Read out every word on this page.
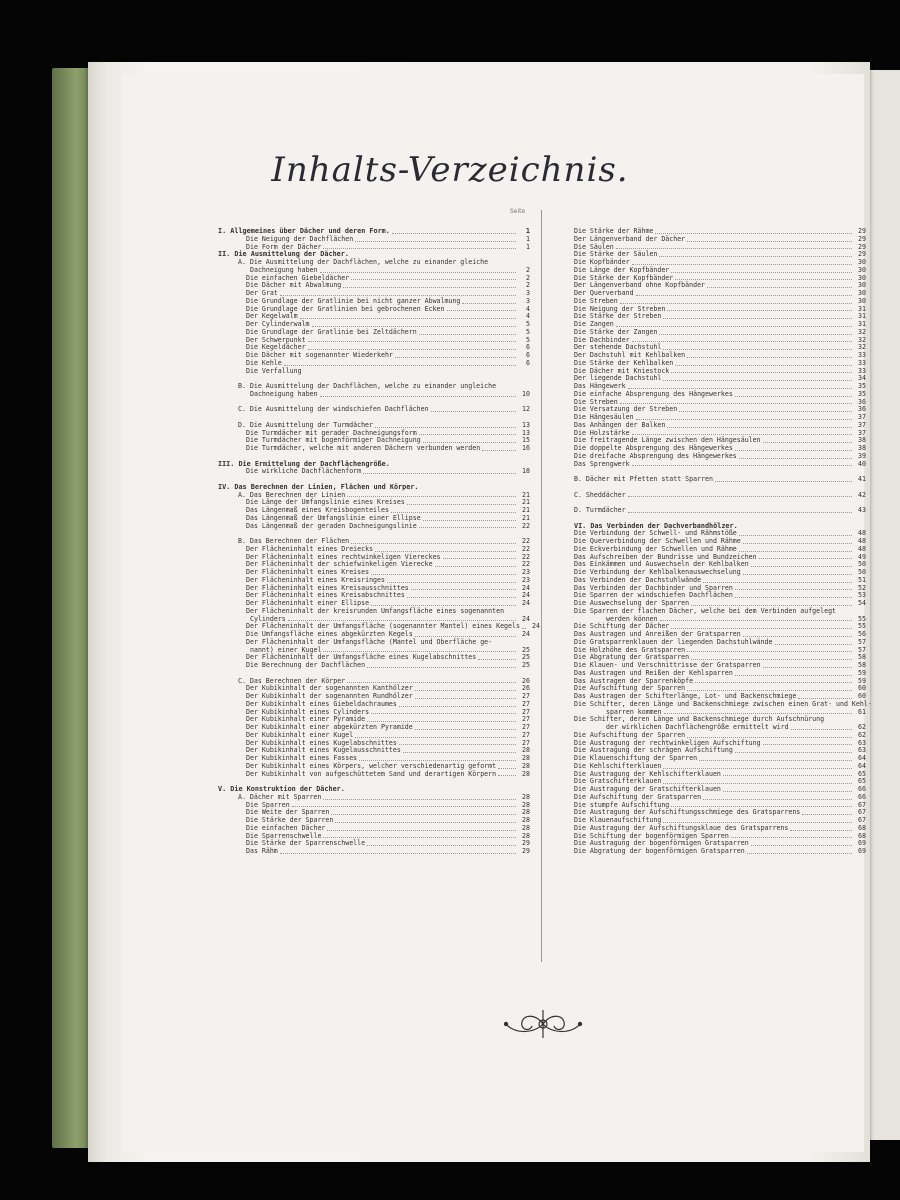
Inhalts-Verzeichnis.
Seite
I. Allgemeines über Dächer und deren Form.	1
Die Neigung der Dachflächen	1
Die Form der Dächer	1
II. Die Ausmittelung der Dächer.
A. Die Ausmittelung der Dachflächen, welche zu einander gleiche
Dachneigung haben	2
Die einfachen Giebeldächer	2
Die Dächer mit Abwalmung	2
Der Grat	3
Die Grundlage der Gratlinie bei nicht ganzer Abwalmung	3
Die Grundlage der Gratlinien bei gebrochenen Ecken	4
Der Kegelwalm	4
Der Cylinderwalm	5
Die Grundlage der Gratlinie bei Zeltdächern	5
Der Schwerpunkt	5
Die Kegeldächer	6
Die Dächer mit sogenannter Wiederkehr	6
Die Kehle	6
Die Verfallung
B. Die Ausmittelung der Dachflächen, welche zu einander ungleiche
Dachneigung haben	10
C. Die Ausmittelung der windschiefen Dachflächen	12
D. Die Ausmittelung der Turmdächer	13
Die Turmdächer mit gerader Dachneigungsform	13
Die Turmdächer mit bogenförmiger Dachneigung	15
Die Turmdächer, welche mit anderen Dächern verbunden werden	16
III. Die Ermittelung der Dachflächengröße.
Die wirkliche Dachflächenform	18
IV. Das Berechnen der Linien, Flächen und Körper.
A. Das Berechnen der Linien	21
Die Länge der Umfangslinie eines Kreises	21
Das Längenmaß eines Kreisbogenteiles	21
Das Längenmaß der Umfangslinie einer Ellipse	21
Das Längenmaß der geraden Dachneigungslinie	22
B. Das Berechnen der Flächen	22
Der Flächeninhalt eines Dreiecks	22
Der Flächeninhalt eines rechtwinkeligen Viereckes	22
Der Flächeninhalt der schiefwinkeligen Vierecke	22
Der Flächeninhalt eines Kreises	23
Der Flächeninhalt eines Kreisringes	23
Der Flächeninhalt eines Kreisausschnittes	24
Der Flächeninhalt eines Kreisabschnittes	24
Der Flächeninhalt einer Ellipse	24
Der Flächeninhalt der kreisrunden Umfangsfläche eines sogenannten
Cylinders	24
Der Flächeninhalt der Umfangsfläche (sogenannter Mantel) eines Kegels	24
Die Umfangsfläche eines abgekürzten Kegels	24
Der Flächeninhalt der Umfangsfläche (Mantel und Oberfläche ge-
nannt) einer Kugel	25
Der Flächeninhalt der Umfangsfläche eines Kugelabschnittes	25
Die Berechnung der Dachflächen	25
C. Das Berechnen der Körper	26
Der Kubikinhalt der sogenannten Kanthölzer	26
Der Kubikinhalt der sogenannten Rundhölzer	27
Der Kubikinhalt eines Giebeldachraumes	27
Der Kubikinhalt eines Cylinders	27
Der Kubikinhalt einer Pyramide	27
Der Kubikinhalt einer abgekürzten Pyramide	27
Der Kubikinhalt einer Kugel	27
Der Kubikinhalt eines Kugelabschnittes	27
Der Kubikinhalt eines Kugelausschnittes	28
Der Kubikinhalt eines Fasses	28
Der Kubikinhalt eines Körpers, welcher verschiedenartig geformt	28
Der Kubikinhalt von aufgeschüttetem Sand und derartigen Körpern	28
V. Die Konstruktion der Dächer.
A. Dächer mit Sparren	28
Die Sparren	28
Die Weite der Sparren	28
Die Stärke der Sparren	28
Die einfachen Dächer	28
Die Sparrenschwelle	28
Die Stärke der Sparrenschwelle	29
Das Rähm	29
Die Stärke der Rähme	29
Der Längenverband der Dächer	29
Die Säulen	29
Die Stärke der Säulen	29
Die Kopfbänder	30
Die Länge der Kopfbänder	30
Die Stärke der Kopfbänder	30
Der Längenverband ohne Kopfbänder	30
Der Querverband	30
Die Streben	30
Die Neigung der Streben	31
Die Stärke der Streben	31
Die Zangen	31
Die Stärke der Zangen	32
Die Dachbinder	32
Der stehende Dachstuhl	32
Der Dachstuhl mit Kehlbalken	33
Die Stärke der Kehlbalken	33
Die Dächer mit Kniestock	33
Der liegende Dachstuhl	34
Das Hängewerk	35
Die einfache Absprengung des Hängewerkes	35
Die Streben	36
Die Versatzung der Streben	36
Die Hängesäulen	37
Das Anhängen der Balken	37
Die Holzstärke	37
Die freitragende Länge zwischen den Hängesäulen	38
Die doppelte Absprengung des Hängewerkes	38
Die dreifache Absprengung des Hängewerkes	39
Das Sprengwerk	40
B. Dächer mit Pfetten statt Sparren	41
C. Sheddächer	42
D. Turmdächer	43
VI. Das Verbinden der Dachverbandhölzer.
Die Verbindung der Schwell- und Rähmstöße	48
Die Querverbindung der Schwellen und Rähme	48
Die Eckverbindung der Schwellen und Rähme	48
Das Aufschreiben der Bundrisse und Bundzeichen	49
Das Einkämmen und Auswechseln der Kehlbalken	50
Die Verbindung der Kehlbalkenauswechselung	50
Das Verbinden der Dachstuhlwände	51
Das Verbinden der Dachbinder und Sparren	52
Die Sparren der windschiefen Dachflächen	53
Die Auswechselung der Sparren	54
Die Sparren der flachen Dächer, welche bei dem Verbinden aufgelegt
werden können	55
Die Schiftung der Dächer	55
Das Austragen und Anreißen der Gratsparren	56
Die Gratsparrenklauen der liegenden Dachstuhlwände	57
Die Holzhöhe des Gratsparren	57
Die Abgratung der Gratsparren	58
Die Klauen- und Verschnittrisse der Gratsparren	58
Das Austragen und Reißen der Kehlsparren	59
Das Austragen der Sparrenköpfe	59
Die Aufschiftung der Sparren	60
Das Austragen der Schifterlänge, Lot- und Backenschmiege	60
Die Schifter, deren Länge und Backenschmiege zwischen einen Grat- und Kehl-
sparren kommen	61
Die Schifter, deren Länge und Backenschmiege durch Aufschnürung
der wirklichen Dachflächengröße ermittelt wird	62
Die Aufschiftung der Sparren	62
Die Austragung der rechtwinkeligen Aufschiftung	63
Die Austragung der schrägen Aufschiftung	63
Die Klauenschiftung der Sparren	64
Die Kehlschifterklauen	64
Die Austragung der Kehlschifterklauen	65
Die Gratschifterklauen	65
Die Austragung der Gratschifterklauen	66
Die Aufschiftung der Gratsparren	66
Die stumpfe Aufschiftung	67
Die Austragung der Aufschiftungsschmiege des Gratsparrens	67
Die Klauenaufschiftung	67
Die Austragung der Aufschiftungsklaue des Gratsparrens	68
Die Schiftung der bogenförmigen Sparren	68
Die Austragung der bogenförmigen Gratsparren	69
Die Abgratung der bogenförmigen Gratsparren	69
